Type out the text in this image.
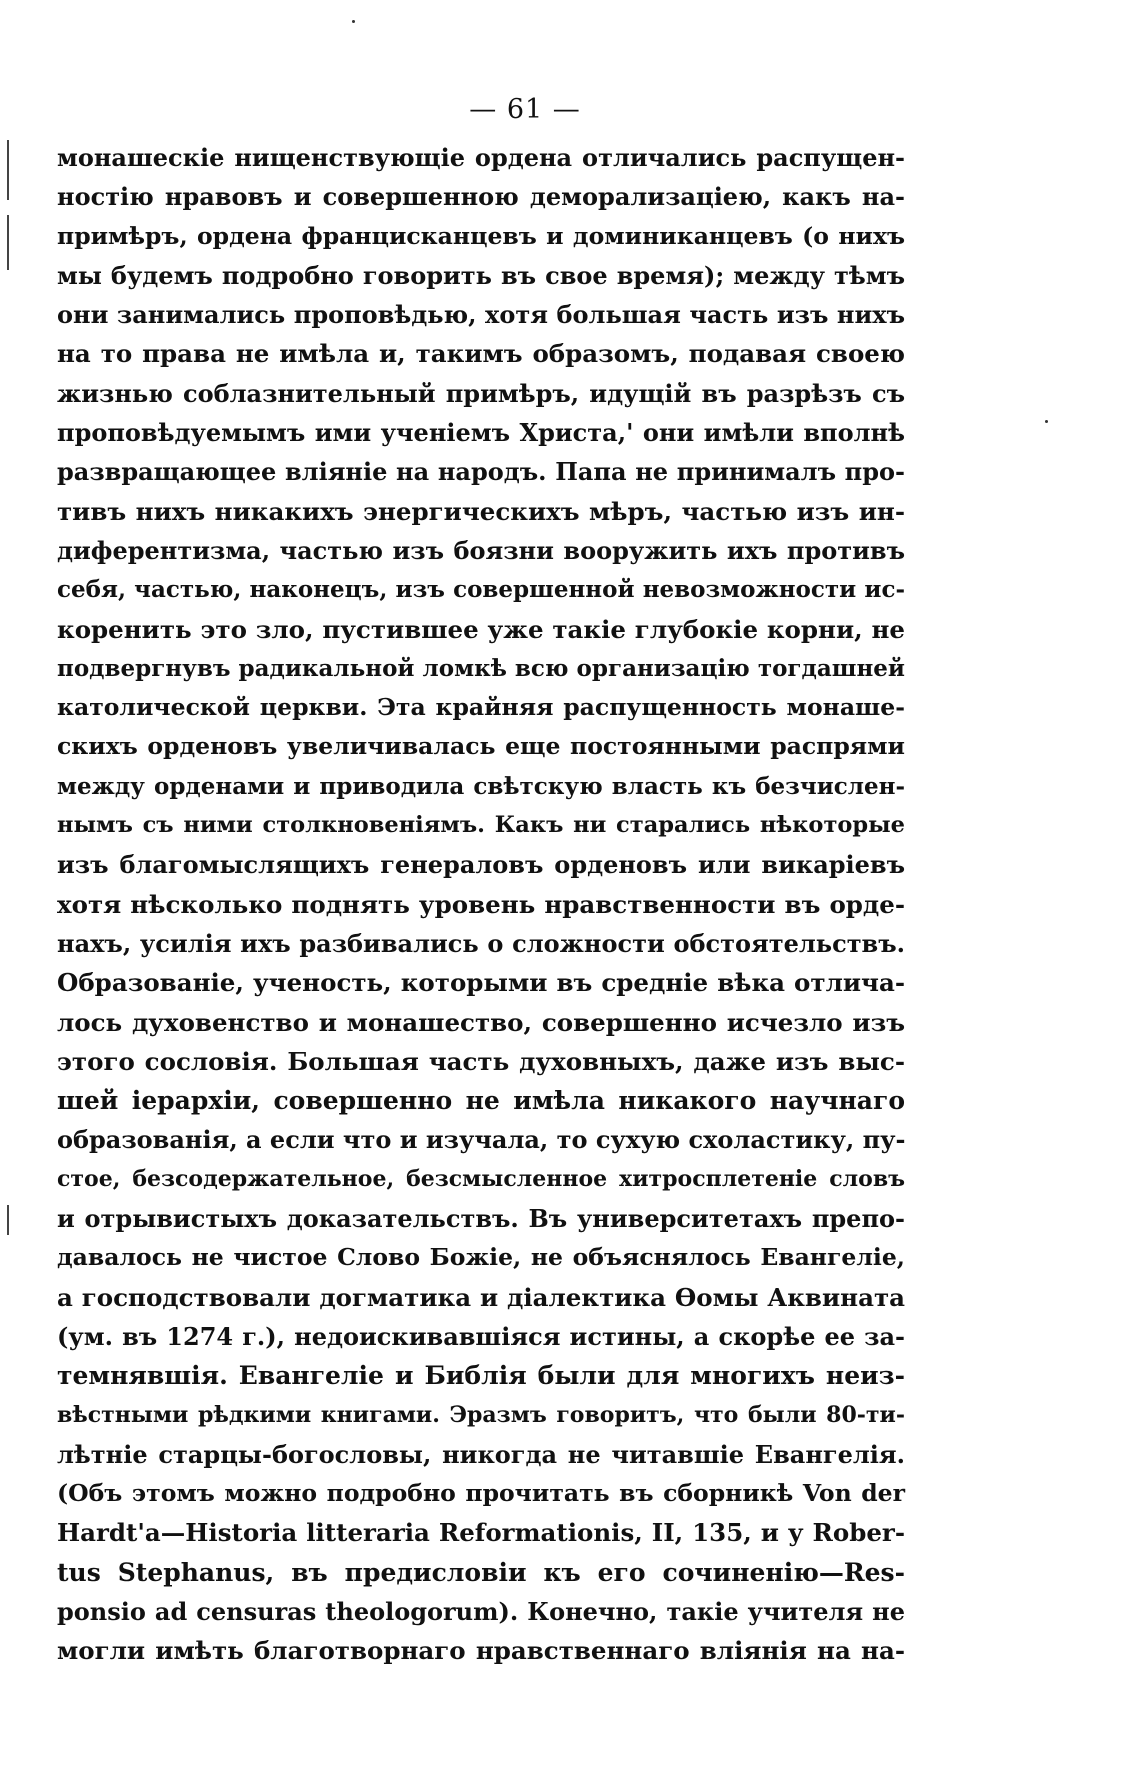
— 61 —
монашескіе нищенствующіе ордена отличались распущен-
ностію нравовъ и совершенною деморализаціею, какъ на-
примѣръ, ордена францисканцевъ и доминиканцевъ (о нихъ
мы будемъ подробно говорить въ свое время); между тѣмъ
они занимались проповѣдью, хотя большая часть изъ нихъ
на то права не имѣла и, такимъ образомъ, подавая своею
жизнью соблазнительный примѣръ, идущій въ разрѣзъ съ
проповѣдуемымъ ими ученіемъ Христа,' они имѣли вполнѣ
развращающее вліяніе на народъ. Папа не принималъ про-
тивъ нихъ никакихъ энергическихъ мѣръ, частью изъ ин-
диферентизма, частью изъ боязни вооружить ихъ противъ
себя, частью, наконецъ, изъ совершенной невозможности ис-
коренить это зло, пустившее уже такіе глубокіе корни, не
подвергнувъ радикальной ломкѣ всю организацію тогдашней
католической церкви. Эта крайняя распущенность монаше-
скихъ орденовъ увеличивалась еще постоянными распрями
между орденами и приводила свѣтскую власть къ безчислен-
нымъ съ ними столкновеніямъ. Какъ ни старались нѣкоторые
изъ благомыслящихъ генераловъ орденовъ или викаріевъ
хотя нѣсколько поднять уровень нравственности въ орде-
нахъ, усилія ихъ разбивались о сложности обстоятельствъ.
Образованіе, ученость, которыми въ средніе вѣка отлича-
лось духовенство и монашество, совершенно исчезло изъ
этого сословія. Большая часть духовныхъ, даже изъ выс-
шей іерархіи, совершенно не имѣла никакого научнаго
образованія, а если что и изучала, то сухую схоластику, пу-
стое, безсодержательное, безсмысленное хитросплетеніе словъ
и отрывистыхъ доказательствъ. Въ университетахъ препо-
давалось не чистое Слово Божіе, не объяснялось Евангеліе,
а господствовали догматика и діалектика Ѳомы Аквината
(ум. въ 1274 г.), недоискивавшіяся истины, а скорѣе ее за-
темнявшія. Евангеліе и Библія были для многихъ неиз-
вѣстными рѣдкими книгами. Эразмъ говоритъ, что были 80-ти-
лѣтніе старцы-богословы, никогда не читавшіе Евангелія.
(Объ этомъ можно подробно прочитать въ сборникѣ Von der
Hardt'a—Historia litteraria Reformationis, II, 135, и у Rober-
tus Stephanus, въ предисловіи къ его сочиненію—Res-
ponsio ad censuras theologorum). Конечно, такіе учителя не
могли имѣть благотворнаго нравственнаго вліянія на на-
